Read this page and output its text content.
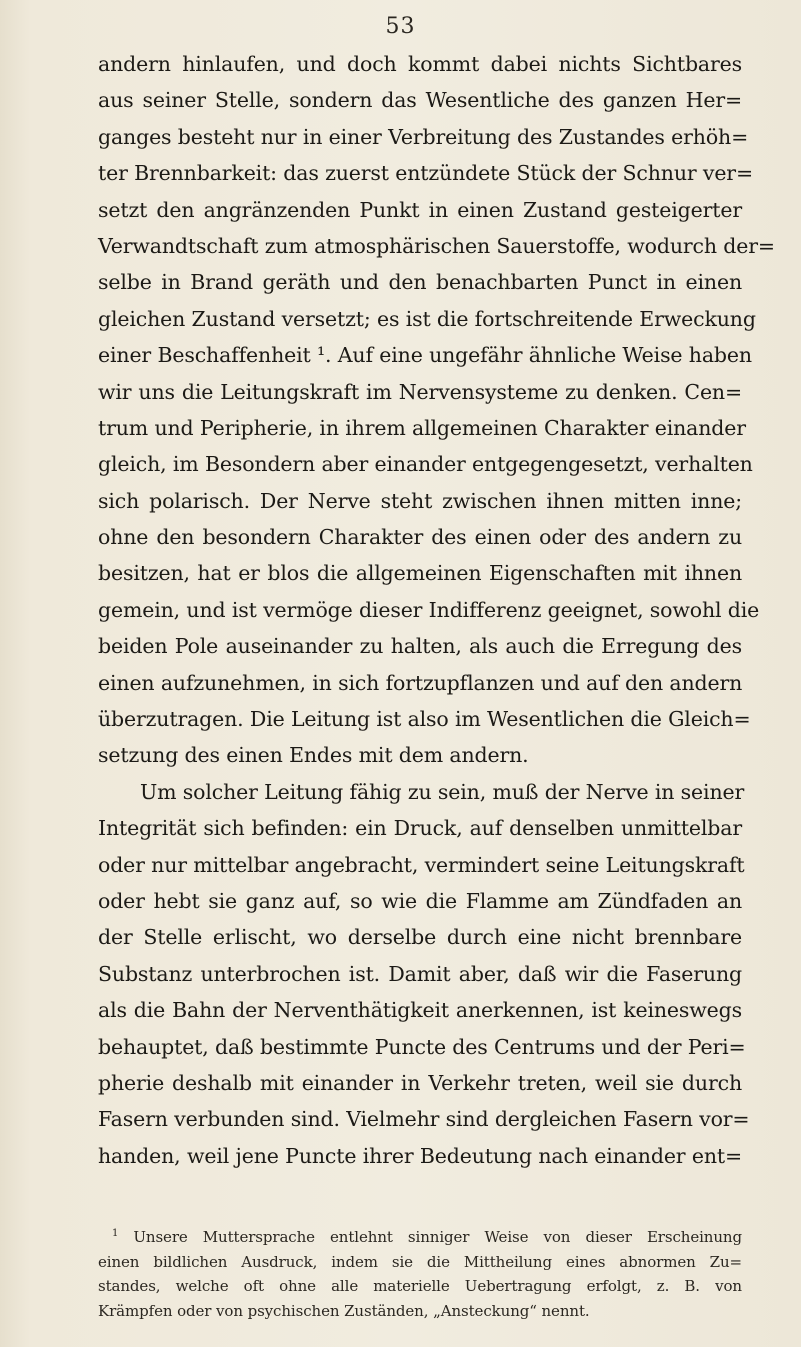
53
andern hinlaufen, und doch kommt dabei nichts Sichtbares
aus seiner Stelle, sondern das Wesentliche des ganzen Her=
ganges besteht nur in einer Verbreitung des Zustandes erhöh=
ter Brennbarkeit: das zuerst entzündete Stück der Schnur ver=
setzt den angränzenden Punkt in einen Zustand gesteigerter
Verwandtschaft zum atmosphärischen Sauerstoffe, wodurch der=
selbe in Brand geräth und den benachbarten Punct in einen
gleichen Zustand versetzt; es ist die fortschreitende Erweckung
einer Beschaffenheit ¹. Auf eine ungefähr ähnliche Weise haben
wir uns die Leitungskraft im Nervensysteme zu denken. Cen=
trum und Peripherie, in ihrem allgemeinen Charakter einander
gleich, im Besondern aber einander entgegengesetzt, verhalten
sich polarisch. Der Nerve steht zwischen ihnen mitten inne;
ohne den besondern Charakter des einen oder des andern zu
besitzen, hat er blos die allgemeinen Eigenschaften mit ihnen
gemein, und ist vermöge dieser Indifferenz geeignet, sowohl die
beiden Pole auseinander zu halten, als auch die Erregung des
einen aufzunehmen, in sich fortzupflanzen und auf den andern
überzutragen. Die Leitung ist also im Wesentlichen die Gleich=
setzung des einen Endes mit dem andern.
Um solcher Leitung fähig zu sein, muß der Nerve in seiner
Integrität sich befinden: ein Druck, auf denselben unmittelbar
oder nur mittelbar angebracht, vermindert seine Leitungskraft
oder hebt sie ganz auf, so wie die Flamme am Zündfaden an
der Stelle erlischt, wo derselbe durch eine nicht brennbare
Substanz unterbrochen ist. Damit aber, daß wir die Faserung
als die Bahn der Nerventhätigkeit anerkennen, ist keineswegs
behauptet, daß bestimmte Puncte des Centrums und der Peri=
pherie deshalb mit einander in Verkehr treten, weil sie durch
Fasern verbunden sind. Vielmehr sind dergleichen Fasern vor=
handen, weil jene Puncte ihrer Bedeutung nach einander ent=
$^1$ Unsere Muttersprache entlehnt sinniger Weise von dieser Erscheinung
einen bildlichen Ausdruck, indem sie die Mittheilung eines abnormen Zu=
standes, welche oft ohne alle materielle Uebertragung erfolgt, z. B. von
Krämpfen oder von psychischen Zuständen, „Ansteckung“ nennt.
